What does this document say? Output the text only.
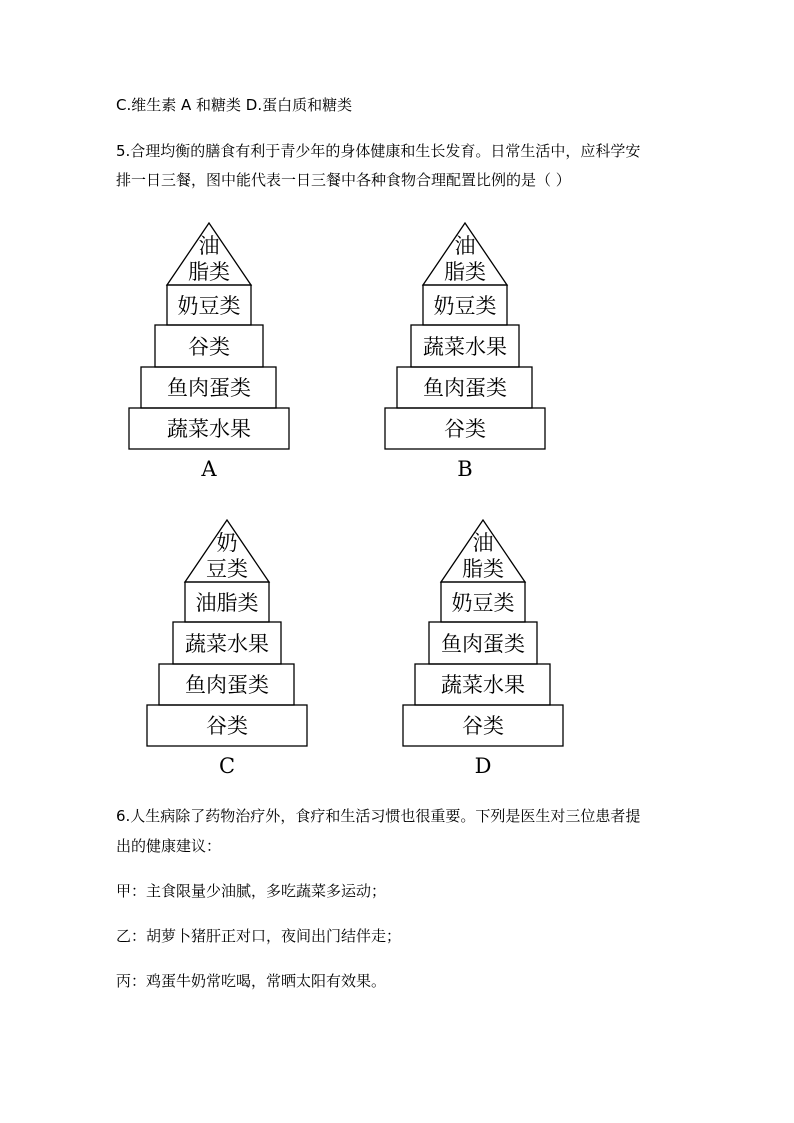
C.维生素 A 和糖类 D.蛋白质和糖类
5.合理均衡的膳食有利于青少年的身体健康和生长发育。日常生活中，应科学安
排一日三餐，图中能代表一日三餐中各种食物合理配置比例的是（ ）
油
脂类
奶豆类
谷类
鱼肉蛋类
蔬菜水果
A
油
脂类
奶豆类
蔬菜水果
鱼肉蛋类
谷类
B
奶
豆类
油脂类
蔬菜水果
鱼肉蛋类
谷类
C
油
脂类
奶豆类
鱼肉蛋类
蔬菜水果
谷类
D
6.人生病除了药物治疗外，食疗和生活习惯也很重要。下列是医生对三位患者提
出的健康建议：
甲：主食限量少油腻，多吃蔬菜多运动；
乙：胡萝卜猪肝正对口，夜间出门结伴走；
丙：鸡蛋牛奶常吃喝，常晒太阳有效果。
